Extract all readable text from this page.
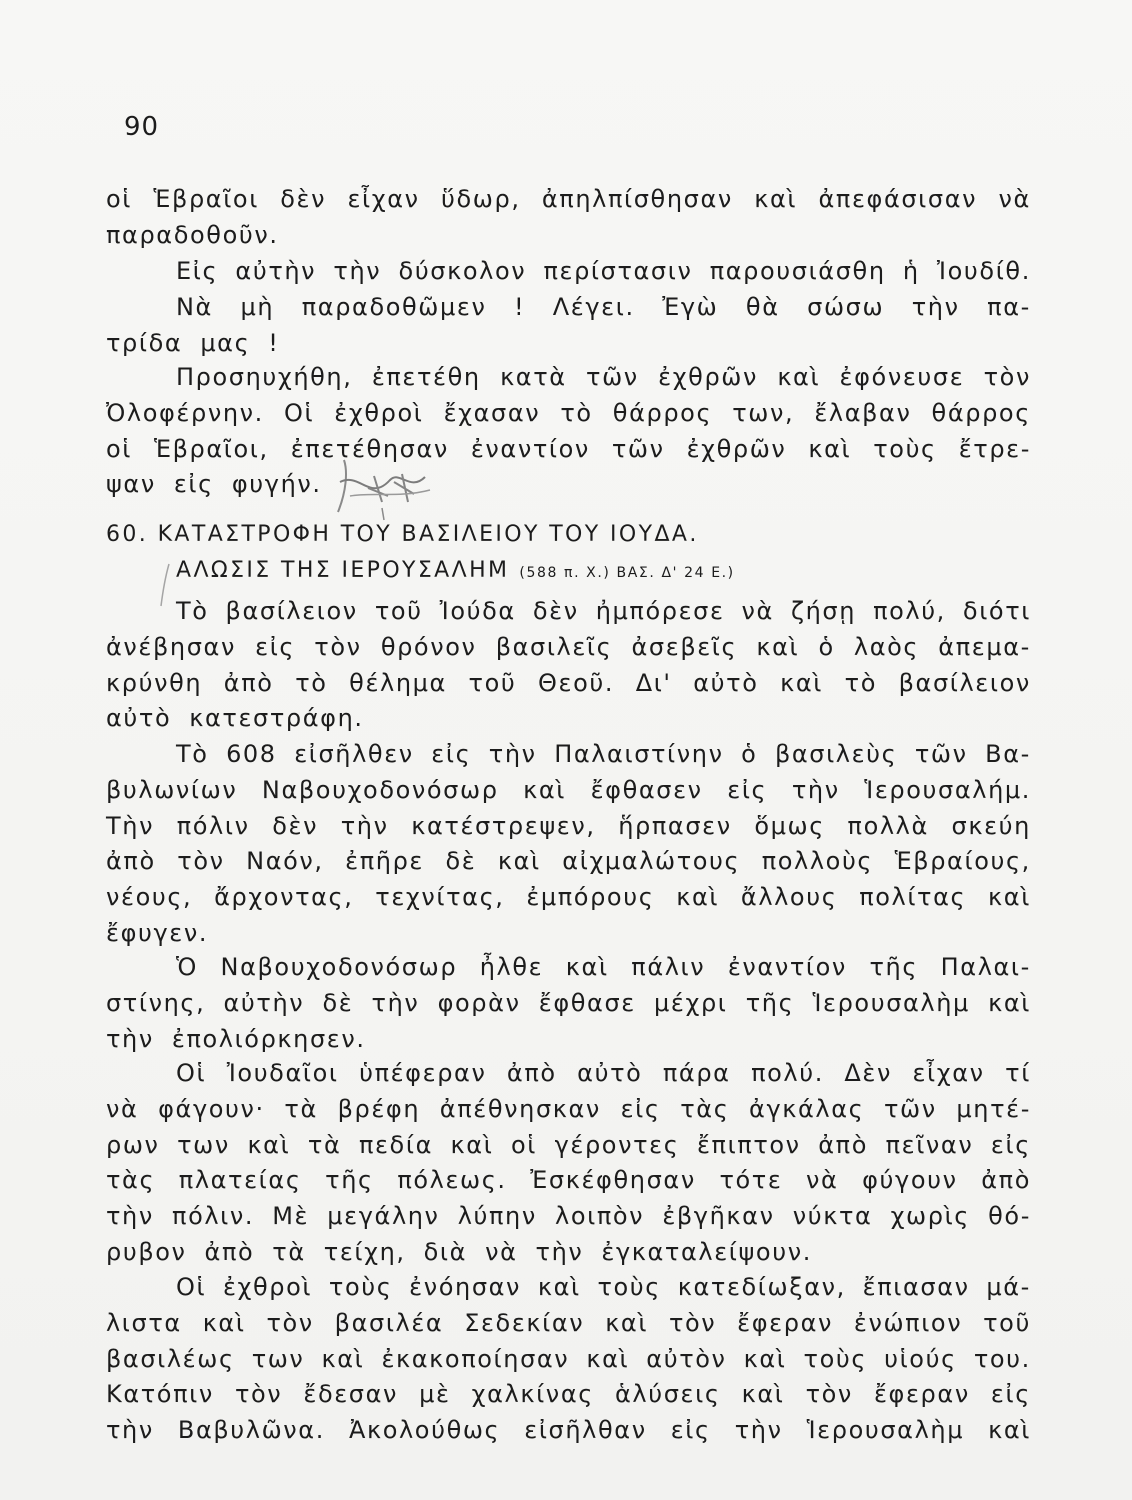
90
οἱ Ἑβραῖοι δὲν εἶχαν ὕδωρ, ἀπηλπίσθησαν καὶ ἀπεφάσισαν νὰ
παραδοθοῦν.
Εἰς αὐτὴν τὴν δύσκολον περίστασιν παρουσιάσθη ἡ Ἰουδίθ.
Νὰ μὴ παραδοθῶμεν ! Λέγει. Ἐγὼ θὰ σώσω τὴν πα-
τρίδα μας !
Προσηυχήθη, ἐπετέθη κατὰ τῶν ἐχθρῶν καὶ ἐφόνευσε τὸν
Ὀλοφέρνην. Οἱ ἐχθροὶ ἔχασαν τὸ θάρρος των, ἔλαβαν θάρρος
οἱ Ἑβραῖοι, ἐπετέθησαν ἐναντίον τῶν ἐχθρῶν καὶ τοὺς ἔτρε-
ψαν εἰς φυγήν.
60. ΚΑΤΑΣΤΡΟΦΗ ΤΟΥ ΒΑΣΙΛΕΙΟΥ ΤΟΥ ΙΟΥΔΑ.
ΑΛΩΣΙΣ ΤΗΣ ΙΕΡΟΥΣΑΛΗΜ (588 π. Χ.) ΒΑΣ. Δ' 24 Ε.)
Τὸ βασίλειον τοῦ Ἰούδα δὲν ἠμπόρεσε νὰ ζήσῃ πολύ, διότι
ἀνέβησαν εἰς τὸν θρόνον βασιλεῖς ἀσεβεῖς καὶ ὁ λαὸς ἀπεμα-
κρύνθη ἀπὸ τὸ θέλημα τοῦ Θεοῦ. Δι' αὐτὸ καὶ τὸ βασίλειον
αὐτὸ κατεστράφη.
Τὸ 608 εἰσῆλθεν εἰς τὴν Παλαιστίνην ὁ βασιλεὺς τῶν Βα-
βυλωνίων Ναβουχοδονόσωρ καὶ ἔφθασεν εἰς τὴν Ἱερουσαλήμ.
Τὴν πόλιν δὲν τὴν κατέστρεψεν, ἥρπασεν ὅμως πολλὰ σκεύη
ἀπὸ τὸν Ναόν, ἐπῆρε δὲ καὶ αἰχμαλώτους πολλοὺς Ἑβραίους,
νέους, ἄρχοντας, τεχνίτας, ἐμπόρους καὶ ἄλλους πολίτας καὶ
ἔφυγεν.
Ὁ Ναβουχοδονόσωρ ἦλθε καὶ πάλιν ἐναντίον τῆς Παλαι-
στίνης, αὐτὴν δὲ τὴν φορὰν ἔφθασε μέχρι τῆς Ἱερουσαλὴμ καὶ
τὴν ἐπολιόρκησεν.
Οἱ Ἰουδαῖοι ὑπέφεραν ἀπὸ αὐτὸ πάρα πολύ. Δὲν εἶχαν τί
νὰ φάγουν· τὰ βρέφη ἀπέθνησκαν εἰς τὰς ἀγκάλας τῶν μητέ-
ρων των καὶ τὰ πεδία καὶ οἱ γέροντες ἔπιπτον ἀπὸ πεῖναν εἰς
τὰς πλατείας τῆς πόλεως. Ἐσκέφθησαν τότε νὰ φύγουν ἀπὸ
τὴν πόλιν. Μὲ μεγάλην λύπην λοιπὸν ἐβγῆκαν νύκτα χωρὶς θό-
ρυβον ἀπὸ τὰ τείχη, διὰ νὰ τὴν ἐγκαταλείψουν.
Οἱ ἐχθροὶ τοὺς ἐνόησαν καὶ τοὺς κατεδίωξαν, ἔπιασαν μά-
λιστα καὶ τὸν βασιλέα Σεδεκίαν καὶ τὸν ἔφεραν ἐνώπιον τοῦ
βασιλέως των καὶ ἐκακοποίησαν καὶ αὐτὸν καὶ τοὺς υἱούς του.
Κατόπιν τὸν ἔδεσαν μὲ χαλκίνας ἁλύσεις καὶ τὸν ἔφεραν εἰς
τὴν Βαβυλῶνα. Ἀκολούθως εἰσῆλθαν εἰς τὴν Ἱερουσαλὴμ καὶ
